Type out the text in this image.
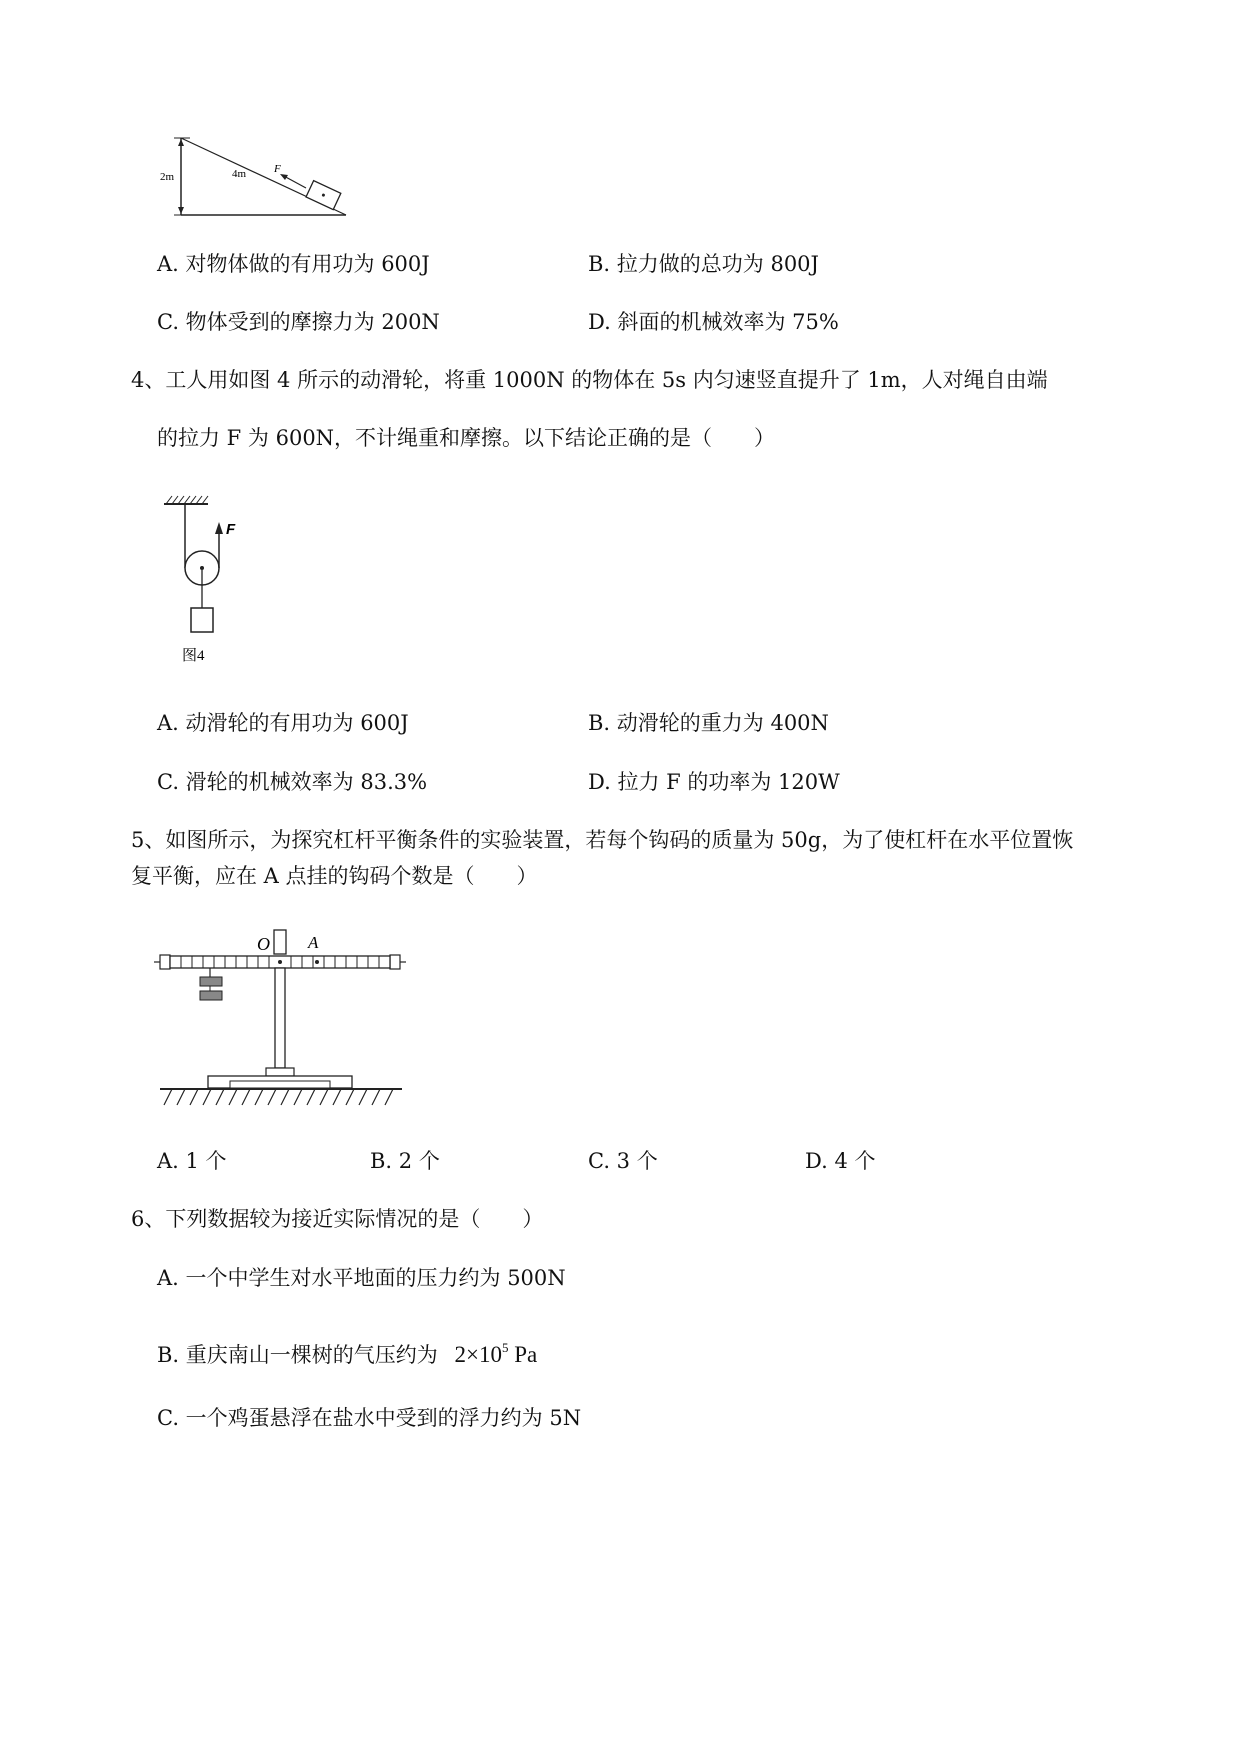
2m	4m	F
A. 对物体做的有用功为 600J	B. 拉力做的总功为 800J
C. 物体受到的摩擦力为 200N	D. 斜面的机械效率为 75%
4、工人用如图 4 所示的动滑轮，将重 1000N 的物体在 5s 内匀速竖直提升了 1m，人对绳自由端
的拉力 F 为 600N，不计绳重和摩擦。以下结论正确的是（　　）
F
图4
A. 动滑轮的有用功为 600J	B. 动滑轮的重力为 400N
C. 滑轮的机械效率为 83.3%	D. 拉力 F 的功率为 120W
5、如图所示，为探究杠杆平衡条件的实验装置，若每个钩码的质量为 50g，为了使杠杆在水平位置恢
复平衡，应在 A 点挂的钩码个数是（　　）
O A
A. 1 个	B. 2 个	C. 3 个	D. 4 个
6、下列数据较为接近实际情况的是（　　）
A. 一个中学生对水平地面的压力约为 500N
B. 重庆南山一棵树的气压约为 $2\times 10^5$ Pa
C. 一个鸡蛋悬浮在盐水中受到的浮力约为 5N
